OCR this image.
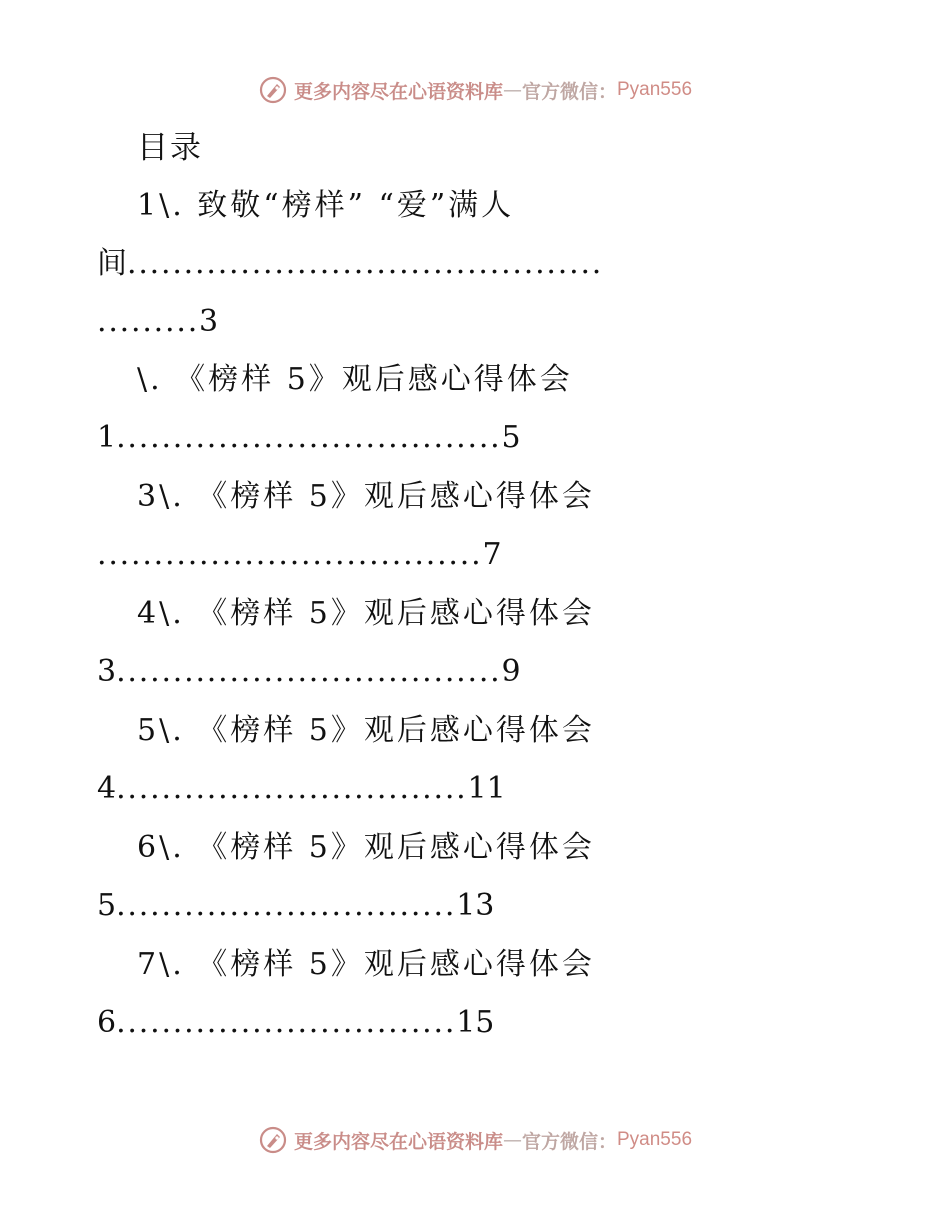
更多内容尽在心语资料库 — 官方微信： Pyan556
目录
1\. 致敬“榜样” “爱”满人
间..........................................
.........3
\. 《榜样 5》观后感心得体会
1..................................5
3\. 《榜样 5》观后感心得体会
..................................7
4\. 《榜样 5》观后感心得体会
3..................................9
5\. 《榜样 5》观后感心得体会
4...............................11
6\. 《榜样 5》观后感心得体会
5..............................13
7\. 《榜样 5》观后感心得体会
6..............................15
更多内容尽在心语资料库 — 官方微信： Pyan556
